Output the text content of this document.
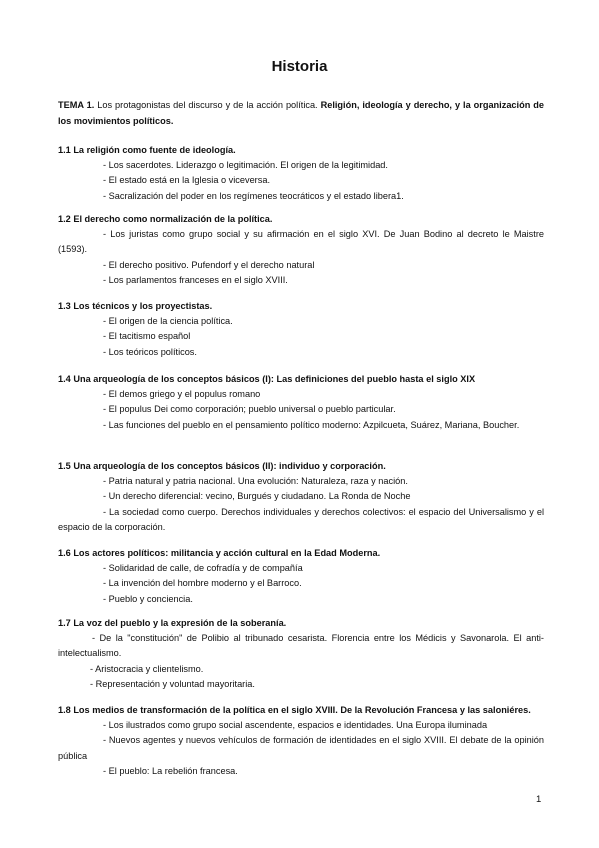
Historia
TEMA 1. Los protagonistas del discurso y de la acción política. Religión, ideología y derecho, y la organización de los movimientos políticos.
1.1 La religión como fuente de ideología.
- Los sacerdotes. Liderazgo o legitimación. El origen de la legitimidad.
- El estado está en la Iglesia o viceversa.
- Sacralización del poder en los regímenes teocráticos y el estado libera1.
1.2 El derecho como normalización de la política.
- Los juristas como grupo social y su afirmación en el siglo XVI. De Juan Bodino al decreto le Maistre (1593).
- El derecho positivo. Pufendorf y el derecho natural
- Los parlamentos franceses en el siglo XVIII.
1.3 Los técnicos y los proyectistas.
- El origen de la ciencia política.
- El tacitismo español
- Los teóricos políticos.
1.4 Una arqueología de los conceptos básicos (I): Las definiciones del pueblo hasta el siglo XIX
- El demos griego y el populus romano
- El populus Dei como corporación; pueblo universal o pueblo particular.
- Las funciones del pueblo en el pensamiento político moderno: Azpilcueta, Suárez, Mariana, Boucher.
1.5 Una arqueología de los conceptos básicos (II): individuo y corporación.
- Patria natural y patria nacional. Una evolución: Naturaleza, raza y nación.
- Un derecho diferencial: vecino, Burgués y ciudadano. La Ronda de Noche
- La sociedad como cuerpo. Derechos individuales y derechos colectivos: el espacio del Universalismo y el espacio de la corporación.
1.6 Los actores políticos: militancia y acción cultural en la Edad Moderna.
- Solidaridad de calle, de cofradía y de compañía
- La invención del hombre moderno y el Barroco.
- Pueblo y conciencia.
1.7 La voz del pueblo y la expresión de la soberanía.
- De la "constitución" de Polibio al tribunado cesarista. Florencia entre los Médicis y Savonarola. El anti-intelectualismo.
- Aristocracia y clientelismo.
- Representación y voluntad mayoritaria.
1.8 Los medios de transformación de la política en el siglo XVIII. De la Revolución Francesa y las saloniéres.
- Los ilustrados como grupo social ascendente, espacios e identidades. Una Europa iluminada
- Nuevos agentes y nuevos vehículos de formación de identidades en el siglo XVIII. El debate de la opinión pública
- El pueblo: La rebelión francesa.
1
